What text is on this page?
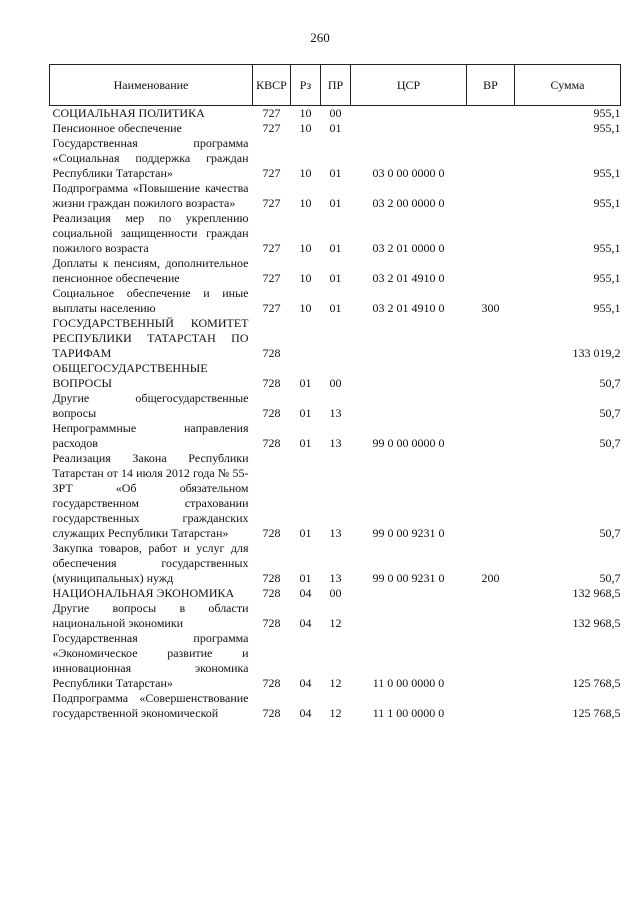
260
Наименование	КВСР	Рз	ПР	ЦСР	ВР	Сумма
СОЦИАЛЬНАЯ ПОЛИТИКА	727	10	00			955,1
Пенсионное обеспечение	727	10	01			955,1
Государственная программа «Социальная поддержка граждан Республики Татарстан»	727	10	01	03 0 00 0000 0		955,1
Подпрограмма «Повышение качества жизни граждан пожилого возраста»	727	10	01	03 2 00 0000 0		955,1
Реализация мер по укреплению социальной защищенности граждан пожилого возраста	727	10	01	03 2 01 0000 0		955,1
Доплаты к пенсиям, дополнительное пенсионное обеспечение	727	10	01	03 2 01 4910 0		955,1
Социальное обеспечение и иные выплаты населению	727	10	01	03 2 01 4910 0	300	955,1
ГОСУДАРСТВЕННЫЙ КОМИТЕТ РЕСПУБЛИКИ ТАТАРСТАН ПО ТАРИФАМ	728					133 019,2
ОБЩЕГОСУДАРСТВЕННЫЕ ВОПРОСЫ	728	01	00			50,7
Другие общегосударственные вопросы	728	01	13			50,7
Непрограммные направления расходов	728	01	13	99 0 00 0000 0		50,7
Реализация Закона Республики Татарстан от 14 июля 2012 года № 55-ЗРТ «Об обязательном государственном страховании государственных гражданских служащих Республики Татарстан»	728	01	13	99 0 00 9231 0		50,7
Закупка товаров, работ и услуг для обеспечения государственных (муниципальных) нужд	728	01	13	99 0 00 9231 0	200	50,7
НАЦИОНАЛЬНАЯ ЭКОНОМИКА	728	04	00			132 968,5
Другие вопросы в области национальной экономики	728	04	12			132 968,5
Государственная программа «Экономическое развитие и инновационная экономика Республики Татарстан»	728	04	12	11 0 00 0000 0		125 768,5
Подпрограмма «Совершенствование государственной экономической	728	04	12	11 1 00 0000 0		125 768,5
